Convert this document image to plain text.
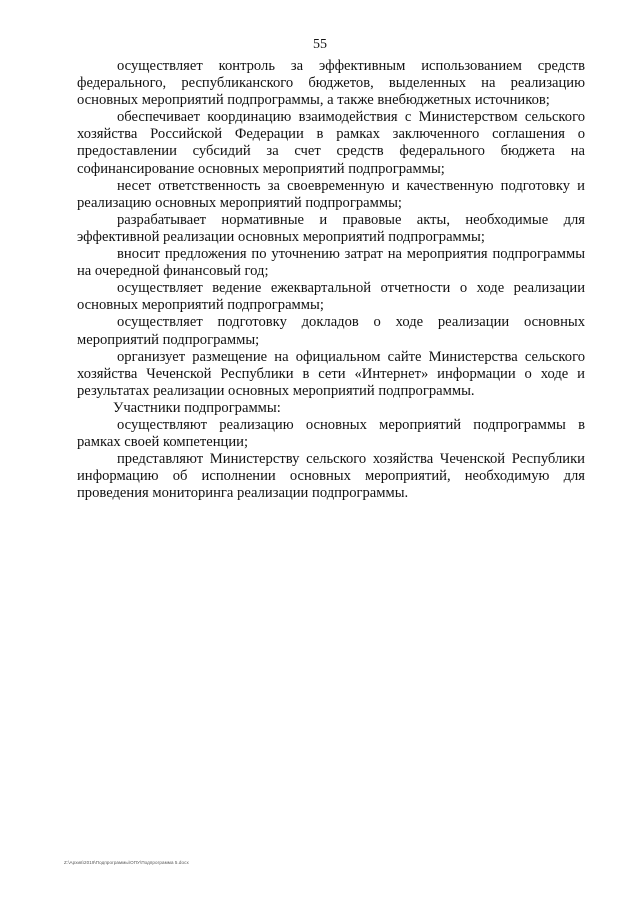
55

осуществляет контроль за эффективным использованием средств федерального, республиканского бюджетов, выделенных на реализацию основных мероприятий подпрограммы, а также внебюджетных источников;

обеспечивает координацию взаимодействия с Министерством сельского хозяйства Российской Федерации в рамках заключенного соглашения о предоставлении субсидий за счет средств федерального бюджета на софинансирование основных мероприятий подпрограммы;

несет ответственность за своевременную и качественную подготовку и реализацию основных мероприятий подпрограммы;

разрабатывает нормативные и правовые акты, необходимые для эффективной реализации основных мероприятий подпрограммы;

вносит предложения по уточнению затрат на мероприятия подпрограммы на очередной финансовый год;

осуществляет ведение ежеквартальной отчетности о ходе реализации основных мероприятий подпрограммы;

осуществляет подготовку докладов о ходе реализации основных мероприятий подпрограммы;

организует размещение на официальном сайте Министерства сельского хозяйства Чеченской Республики в сети «Интернет» информации о ходе и результатах реализации основных мероприятий подпрограммы.

Участники подпрограммы:

осуществляют реализацию основных мероприятий подпрограммы в рамках своей компетенции;

представляют Министерству сельского хозяйства Чеченской Республики информацию об исполнении основных мероприятий, необходимую для проведения мониторинга реализации подпрограммы.

Z:\Архив\2019\Подпрограммы\ОПУ\Подпрограмма 5.docx
